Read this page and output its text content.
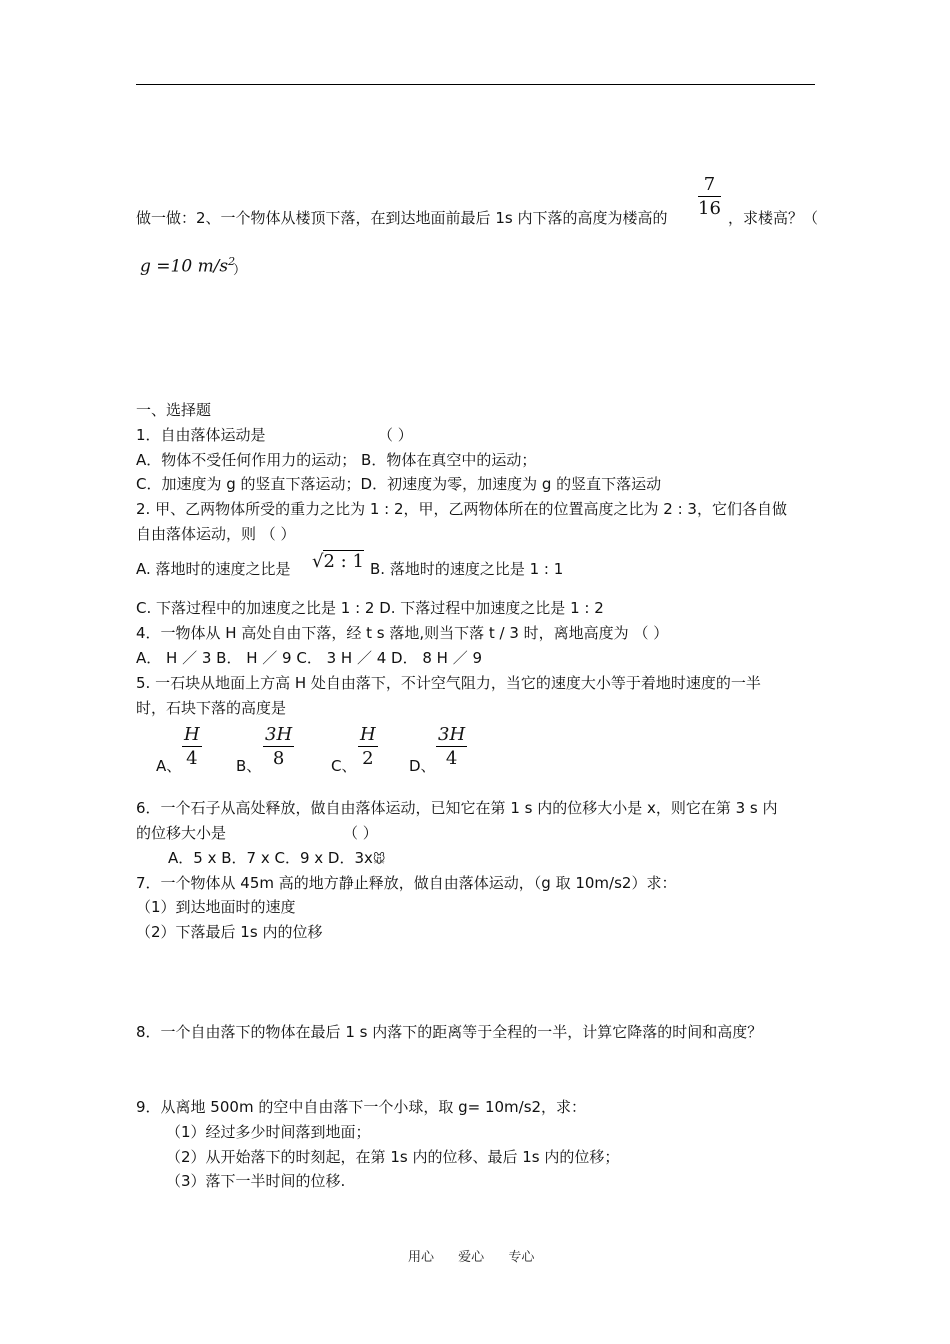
做一做：2、一个物体从楼顶下落，在到达地面前最后 1s 内下落的高度为楼高的 $\frac{7}{16}$ ，求楼高？（
g =10 $m/s^2$
）
一、选择题
1．自由落体运动是	（ ）
A．物体不受任何作用力的运动； B．物体在真空中的运动；
C．加速度为 g 的竖直下落运动；D．初速度为零，加速度为 g 的竖直下落运动
2. 甲、乙两物体所受的重力之比为 1 : 2，甲，乙两物体所在的位置高度之比为 2 : 3，它们各自做
自由落体运动，则 （ ）
A. 落地时的速度之比是 √2 : 1 B. 落地时的速度之比是 1 : 1
C. 下落过程中的加速度之比是 1 : 2 D. 下落过程中加速度之比是 1 : 2
4．一物体从 H 高处自由下落，经 t s 落地,则当下落 t / 3 时，离地高度为 （ ）
A． H ／ 3 B． H ／ 9 C． 3 H ／ 4 D． 8 H ／ 9
5. 一石块从地面上方高 H 处自由落下，不计空气阻力，当它的速度大小等于着地时速度的一半
时，石块下落的高度是
A、 $\frac{H}{4}$ B、 $\frac{3H}{8}$ C、 $\frac{H}{2}$ D、 $\frac{3H}{4}$
6．一个石子从高处释放，做自由落体运动，已知它在第 1 s 内的位移大小是 x，则它在第 3 s 内
的位移大小是	（ ）
A．5 x B．7 x C．9 x D．3x🐭
7．一个物体从 45m 高的地方静止释放，做自由落体运动，（g 取 10m/s2）求：
（1）到达地面时的速度
（2）下落最后 1s 内的位移
8．一个自由落下的物体在最后 1 s 内落下的距离等于全程的一半，计算它降落的时间和高度？
9．从离地 500m 的空中自由落下一个小球，取 g= 10m/s2，求：
（1）经过多少时间落到地面；
（2）从开始落下的时刻起，在第 1s 内的位移、最后 1s 内的位移；
（3）落下一半时间的位移.
用心 爱心 专心
